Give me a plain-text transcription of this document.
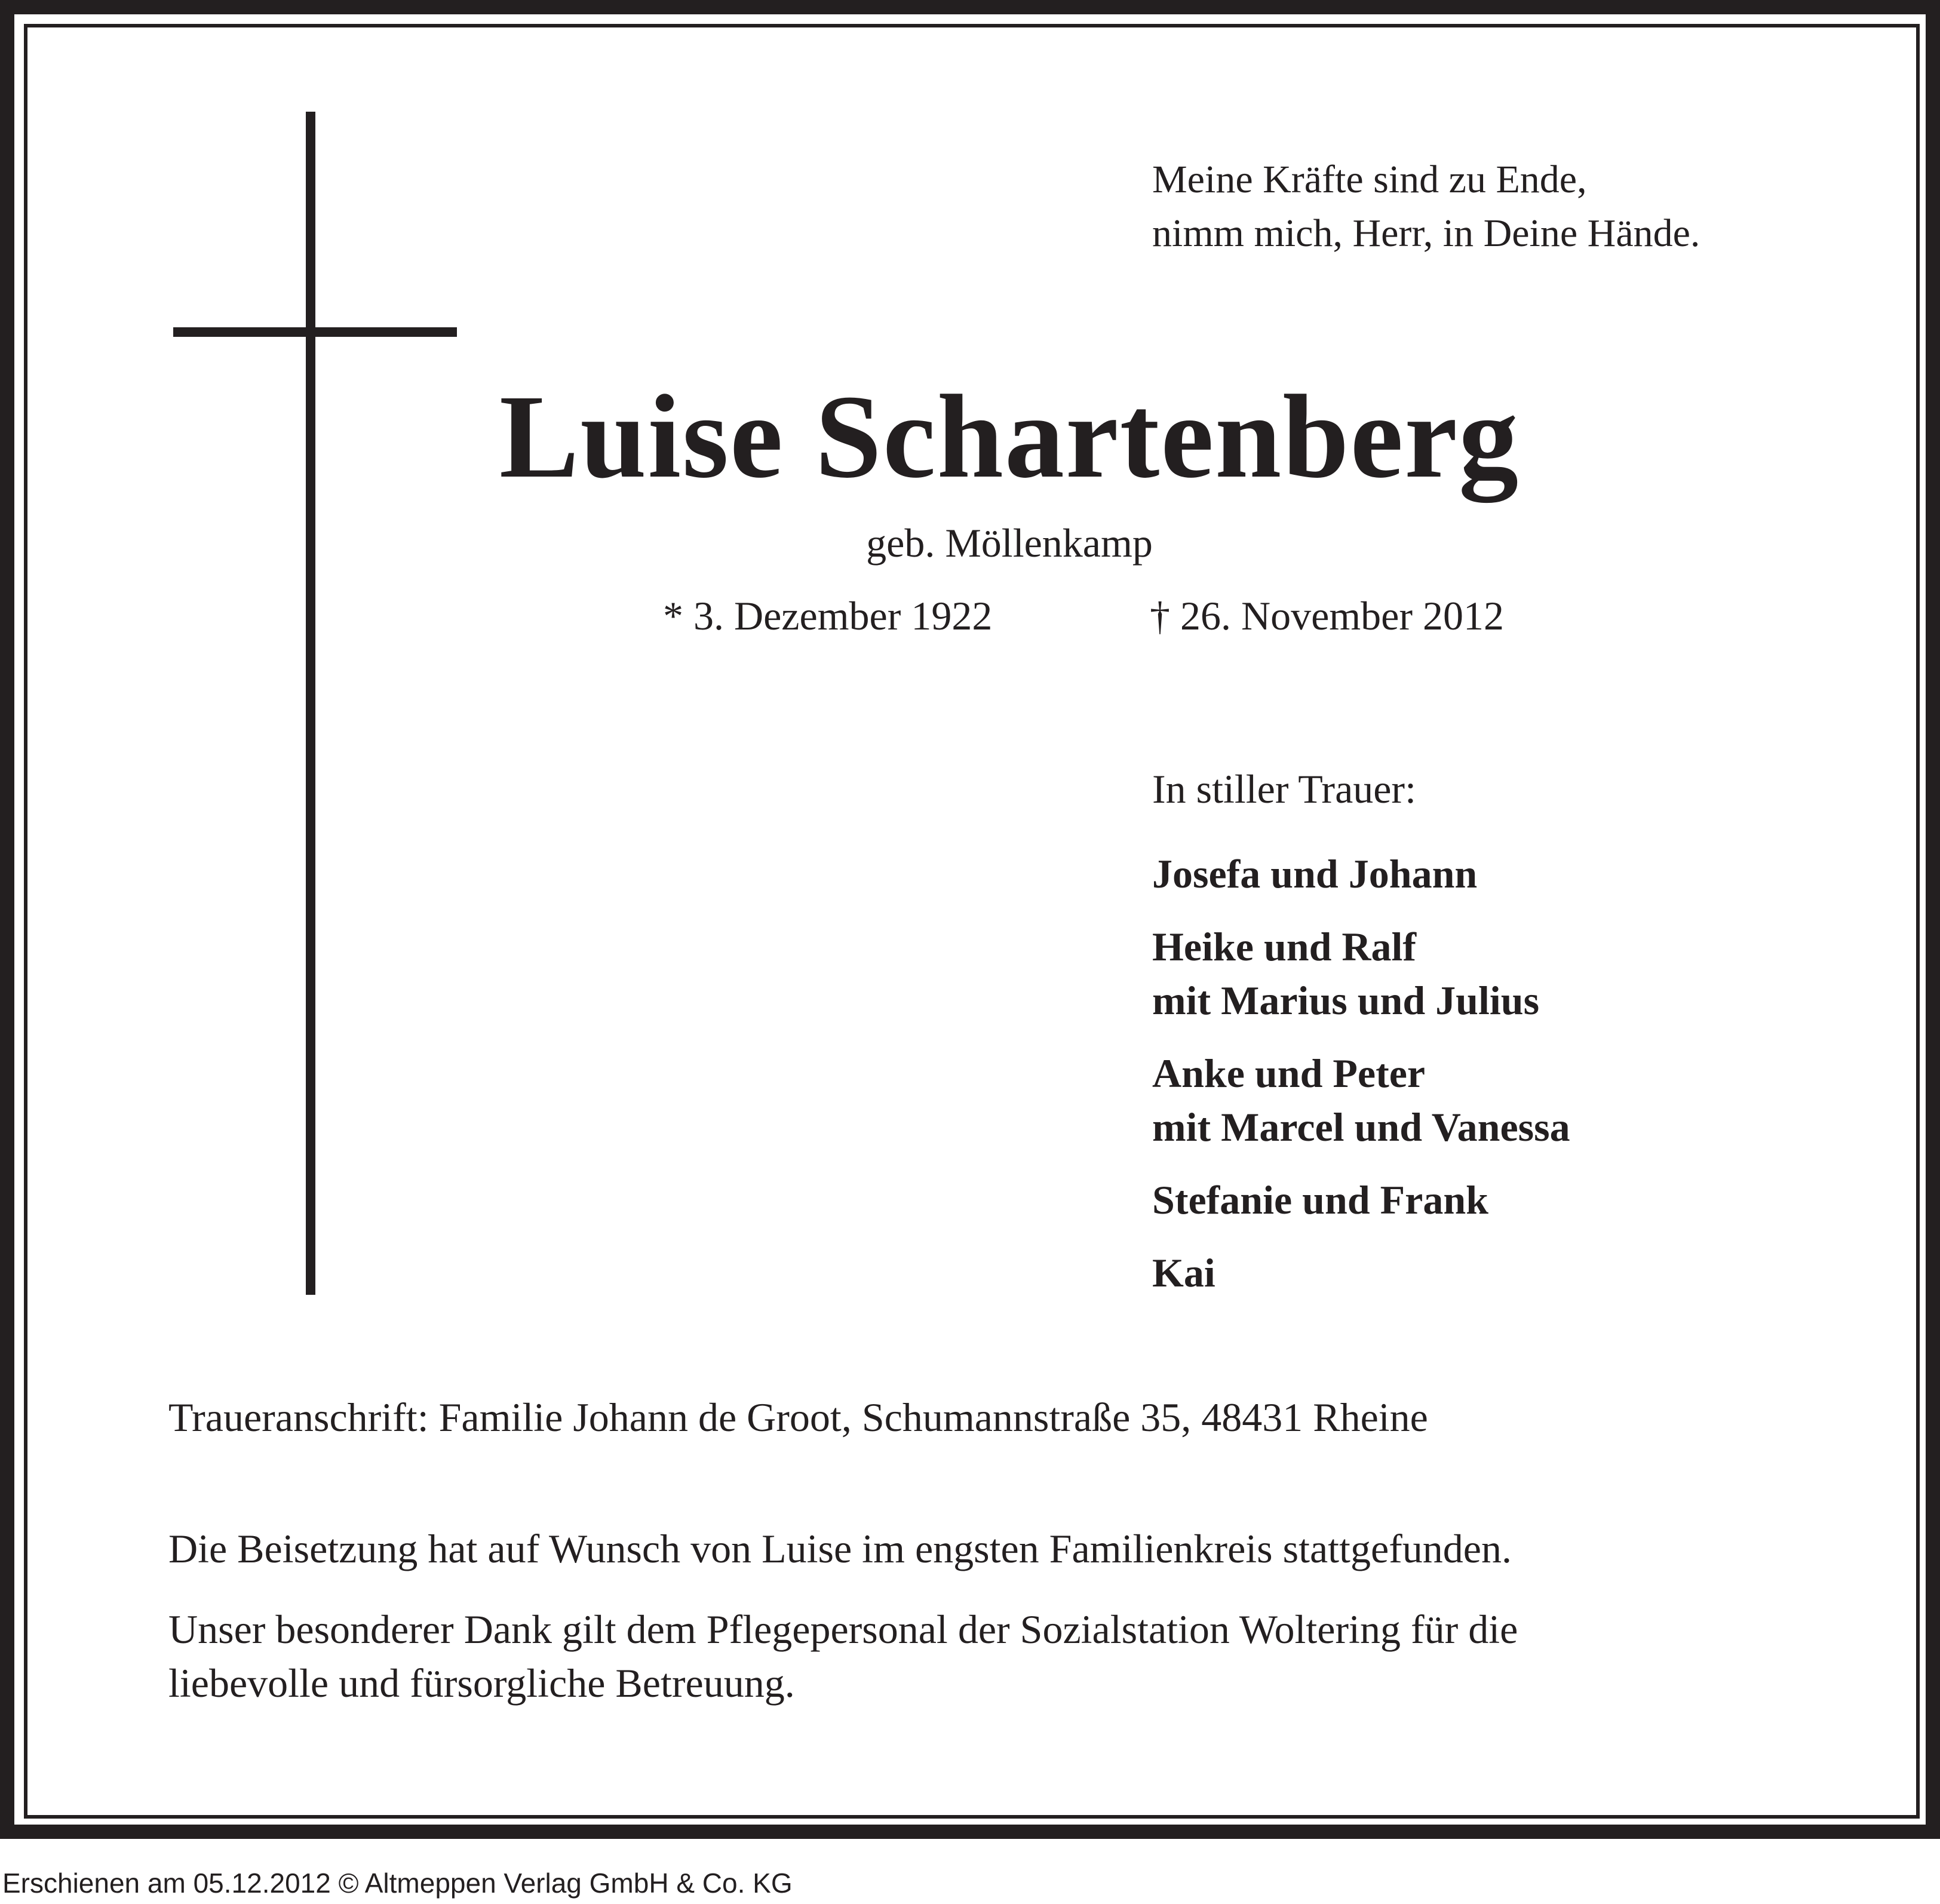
Meine Kräfte sind zu Ende,
nimm mich, Herr, in Deine Hände.
Luise Schartenberg
geb. Möllenkamp
* 3. Dezember 1922	† 26. November 2012
In stiller Trauer:
Josefa und Johann
Heike und Ralf
mit Marius und Julius
Anke und Peter
mit Marcel und Vanessa
Stefanie und Frank
Kai
Traueranschrift: Familie Johann de Groot, Schumannstraße 35, 48431 Rheine
Die Beisetzung hat auf Wunsch von Luise im engsten Familienkreis stattgefunden.
Unser besonderer Dank gilt dem Pflegepersonal der Sozialstation Woltering für die
liebevolle und fürsorgliche Betreuung.
Erschienen am 05.12.2012 © Altmeppen Verlag GmbH & Co. KG
